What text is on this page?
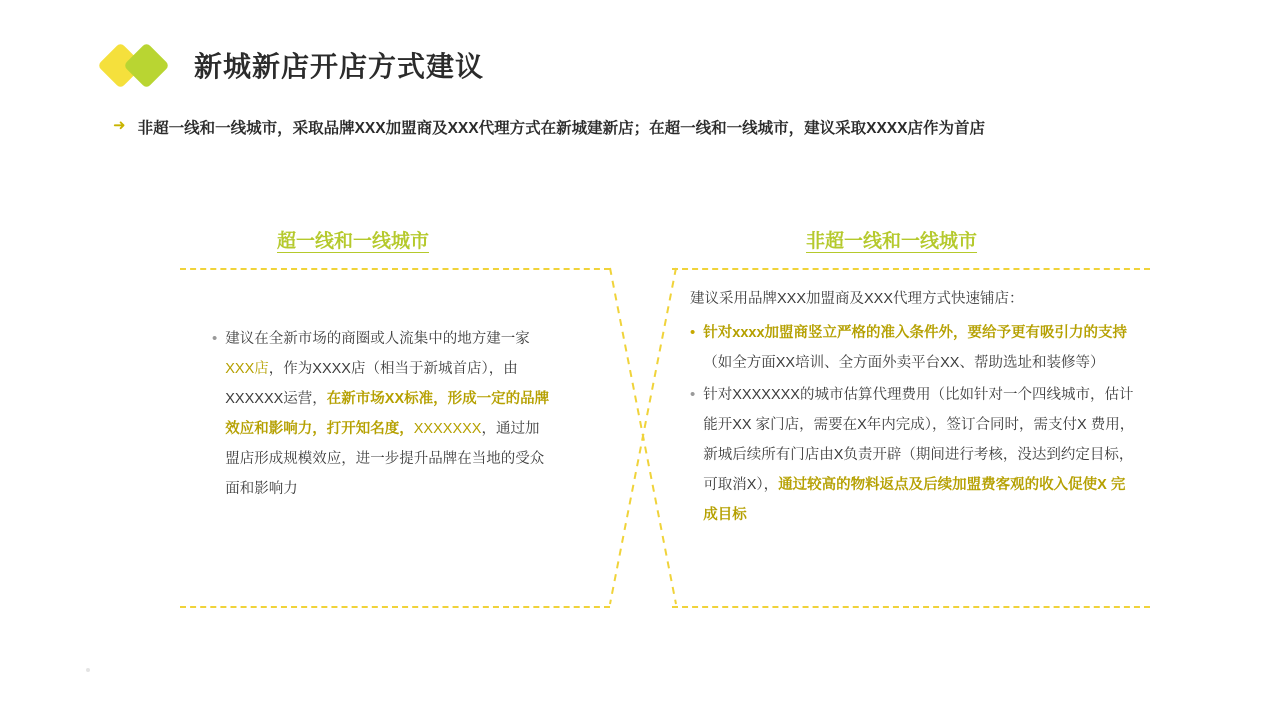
新城新店开店方式建议
➜ 非超一线和一线城市，采取品牌XXX加盟商及XXX代理方式在新城建新店；在超一线和一线城市，建议采取XXXX店作为首店
超一线和一线城市	非超一线和一线城市
• 建议在全新市场的商圈或人流集中的地方建一家XXX店，作为XXXX店（相当于新城首店），由XXXXXX运营，在新市场XX标准，形成一定的品牌效应和影响力，打开知名度，XXXXXXX，通过加盟店形成规模效应，进一步提升品牌在当地的受众面和影响力
建议采用品牌XXX加盟商及XXX代理方式快速铺店：
• 针对xxxx加盟商竖立严格的准入条件外，要给予更有吸引力的支持（如全方面XX培训、全方面外卖平台XX、帮助选址和装修等）
• 针对XXXXXXX的城市估算代理费用（比如针对一个四线城市，估计能开XX 家门店，需要在X年内完成），签订合同时，需支付X 费用，新城后续所有门店由X负责开辟（期间进行考核，没达到约定目标，可取消X），通过较高的物料返点及后续加盟费客观的收入促使X 完成目标
